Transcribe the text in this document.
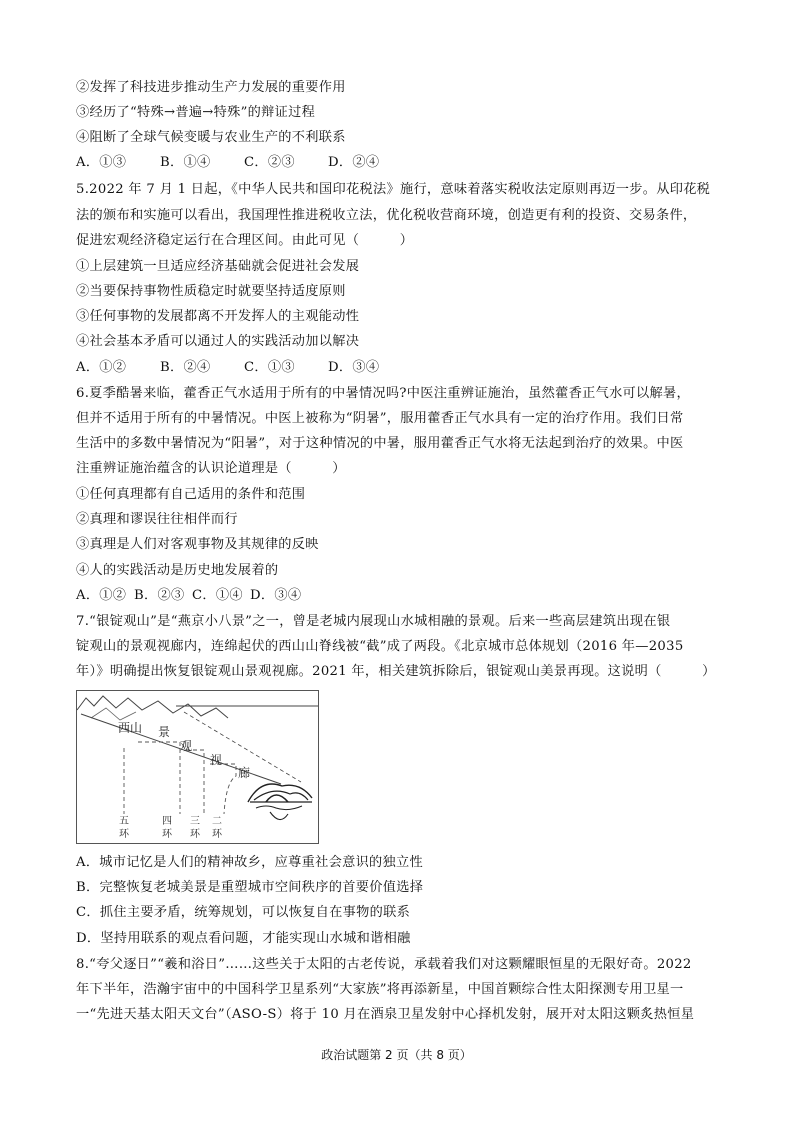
②发挥了科技进步推动生产力发展的重要作用
③经历了“特殊→普遍→特殊”的辩证过程
④阻断了全球气候变暖与农业生产的不利联系
A．①③	B．①④	C．②③	D．②④
5.2022 年 7 月 1 日起，《中华人民共和国印花税法》施行，意味着落实税收法定原则再迈一步。从印花税
法的颁布和实施可以看出，我国理性推进税收立法，优化税收营商环境，创造更有利的投资、交易条件，
促进宏观经济稳定运行在合理区间。由此可见（　　　）
①上层建筑一旦适应经济基础就会促进社会发展
②当要保持事物性质稳定时就要坚持适度原则
③任何事物的发展都离不开发挥人的主观能动性
④社会基本矛盾可以通过人的实践活动加以解决
A．①②	B．②④	C．①③	D．③④
6.夏季酷暑来临，藿香正气水适用于所有的中暑情况吗?中医注重辨证施治，虽然藿香正气水可以解暑，
但并不适用于所有的中暑情况。中医上被称为“阴暑”，服用藿香正气水具有一定的治疗作用。我们日常
生活中的多数中暑情况为“阳暑”，对于这种情况的中暑，服用藿香正气水将无法起到治疗的效果。中医
注重辨证施治蕴含的认识论道理是（　　　）
①任何真理都有自己适用的条件和范围
②真理和谬误往往相伴而行
③真理是人们对客观事物及其规律的反映
④人的实践活动是历史地发展着的
A．①② B．②③ C．①④ D．③④
7.“银锭观山”是“燕京小八景”之一，曾是老城内展现山水城相融的景观。后来一些高层建筑出现在银
锭观山的景观视廊内，连绵起伏的西山山脊线被“截”成了两段。《北京城市总体规划（2016 年—2035
年）》明确提出恢复银锭观山景观视廊。2021 年，相关建筑拆除后，银锭观山美景再现。这说明（　　　）
西山 景
观
视
廊
五
环
四
环
三
环
二
环
A．城市记忆是人们的精神故乡，应尊重社会意识的独立性
B．完整恢复老城美景是重塑城市空间秩序的首要价值选择
C．抓住主要矛盾，统筹规划，可以恢复自在事物的联系
D．坚持用联系的观点看问题，才能实现山水城和谐相融
8.“夸父逐日”“羲和浴日”……这些关于太阳的古老传说，承载着我们对这颗耀眼恒星的无限好奇。2022
年下半年，浩瀚宇宙中的中国科学卫星系列“大家族”将再添新星，中国首颗综合性太阳探测专用卫星一
一“先进天基太阳天文台”（ASO-S）将于 10 月在酒泉卫星发射中心择机发射，展开对太阳这颗炙热恒星
政治试题第 2 页（共 8 页）
